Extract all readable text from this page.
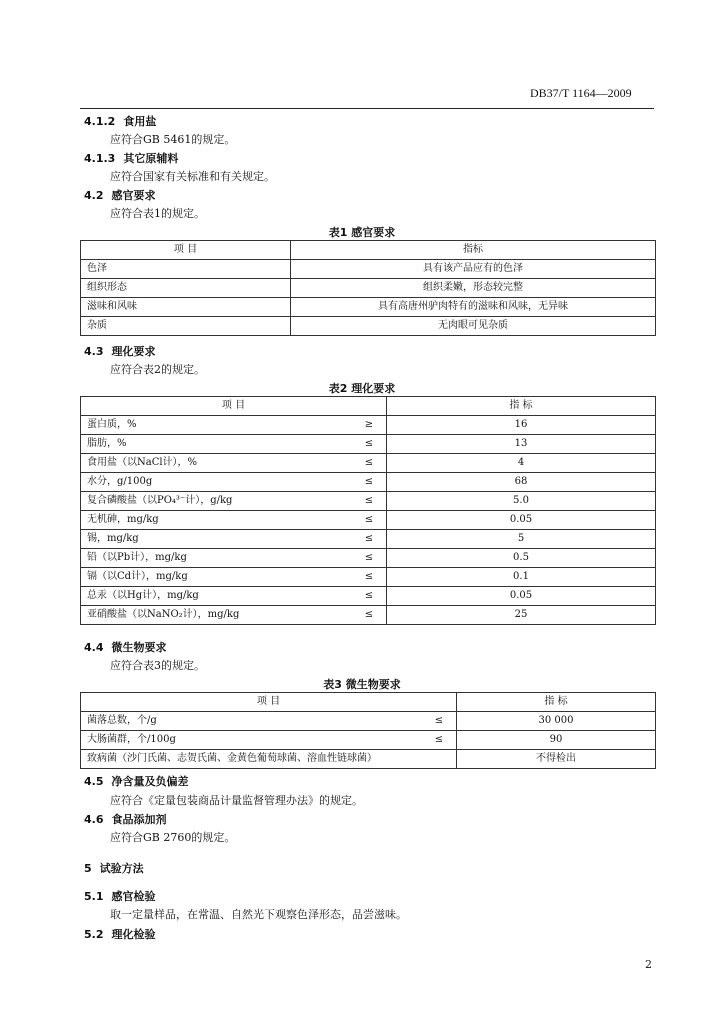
DB37/T 1164—2009
4.1.2 食用盐
应符合GB 5461的规定。
4.1.3 其它原辅料
应符合国家有关标准和有关规定。
4.2 感官要求
应符合表1的规定。
表1 感官要求
项 目	指标
色泽	具有该产品应有的色泽
组织形态	组织柔嫩，形态较完整
滋味和风味	具有高唐州驴肉特有的滋味和风味，无异味
杂质	无肉眼可见杂质
4.3 理化要求
应符合表2的规定。
表2 理化要求
项 目		指 标
蛋白质，%	≥	16
脂肪，%	≤	13
食用盐（以NaCl计），%	≤	4
水分，g/100g	≤	68
复合磷酸盐（以PO₄³⁻计），g/kg	≤	5.0
无机砷，mg/kg	≤	0.05
锡，mg/kg	≤	5
铅（以Pb计），mg/kg	≤	0.5
镉（以Cd计），mg/kg	≤	0.1
总汞（以Hg计），mg/kg	≤	0.05
亚硝酸盐（以NaNO₂计），mg/kg	≤	25
4.4 微生物要求
应符合表3的规定。
表3 微生物要求
项 目		指 标
菌落总数，个/g	≤	30 000
大肠菌群，个/100g	≤	90
致病菌（沙门氏菌、志贺氏菌、金黄色葡萄球菌、溶血性链球菌）		不得检出
4.5 净含量及负偏差
应符合《定量包装商品计量监督管理办法》的规定。
4.6 食品添加剂
应符合GB 2760的规定。
5 试验方法
5.1 感官检验
取一定量样品，在常温、自然光下观察色泽形态，品尝滋味。
5.2 理化检验
2
